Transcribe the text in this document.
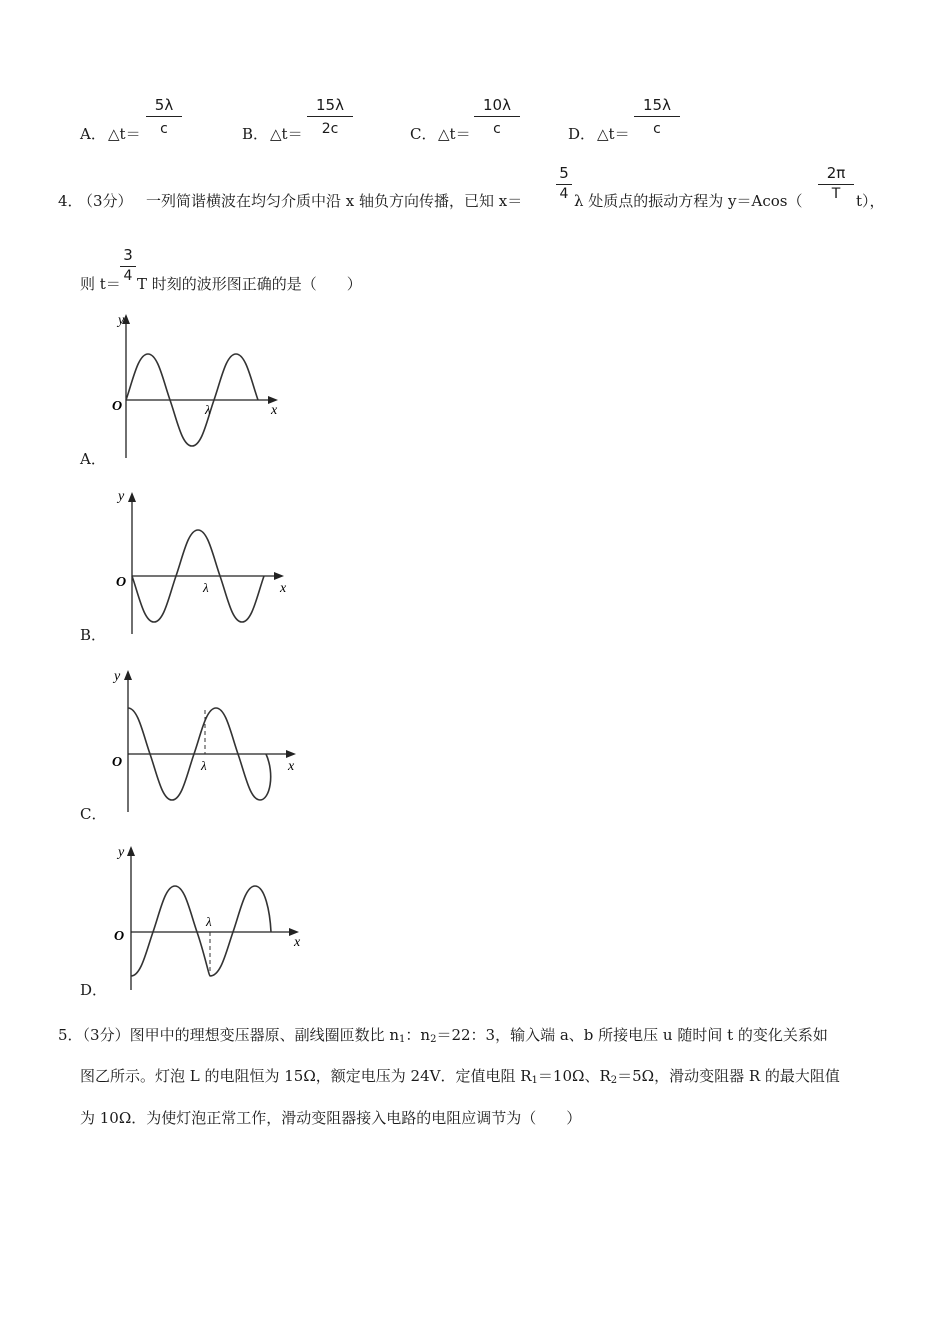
A． △t＝
5λ
c	B． △t＝
15λ
2c	C． △t＝
10λ
c	D． △t＝
15λ
c
4．
（3分） 一列简谐横波在均匀介质中沿 x 轴负方向传播，已知 x＝
5
4 λ 处质点的振动方程为 y＝Acos（
2π
T	t），
则 t＝
3
4 T 时刻的波形图正确的是（　　）
y
x
O	λ
A．
y
x
O	λ
B．
y
x
O	λ
C．
y
x
O
λ
D．
5．（3分）图甲中的理想变压器原、副线圈匝数比 $n_1$：$n_2=22$：3，输入端 a、b 所接电压 u 随时间 t 的变化关系如
图乙所示。灯泡 L 的电阻恒为 15Ω，额定电压为 24V．定值电阻 $R_1=10\Omega$、$R_2=5\Omega$，滑动变阻器 R 的最大阻值
为 10Ω．为使灯泡正常工作，滑动变阻器接入电路的电阻应调节为（　　）
